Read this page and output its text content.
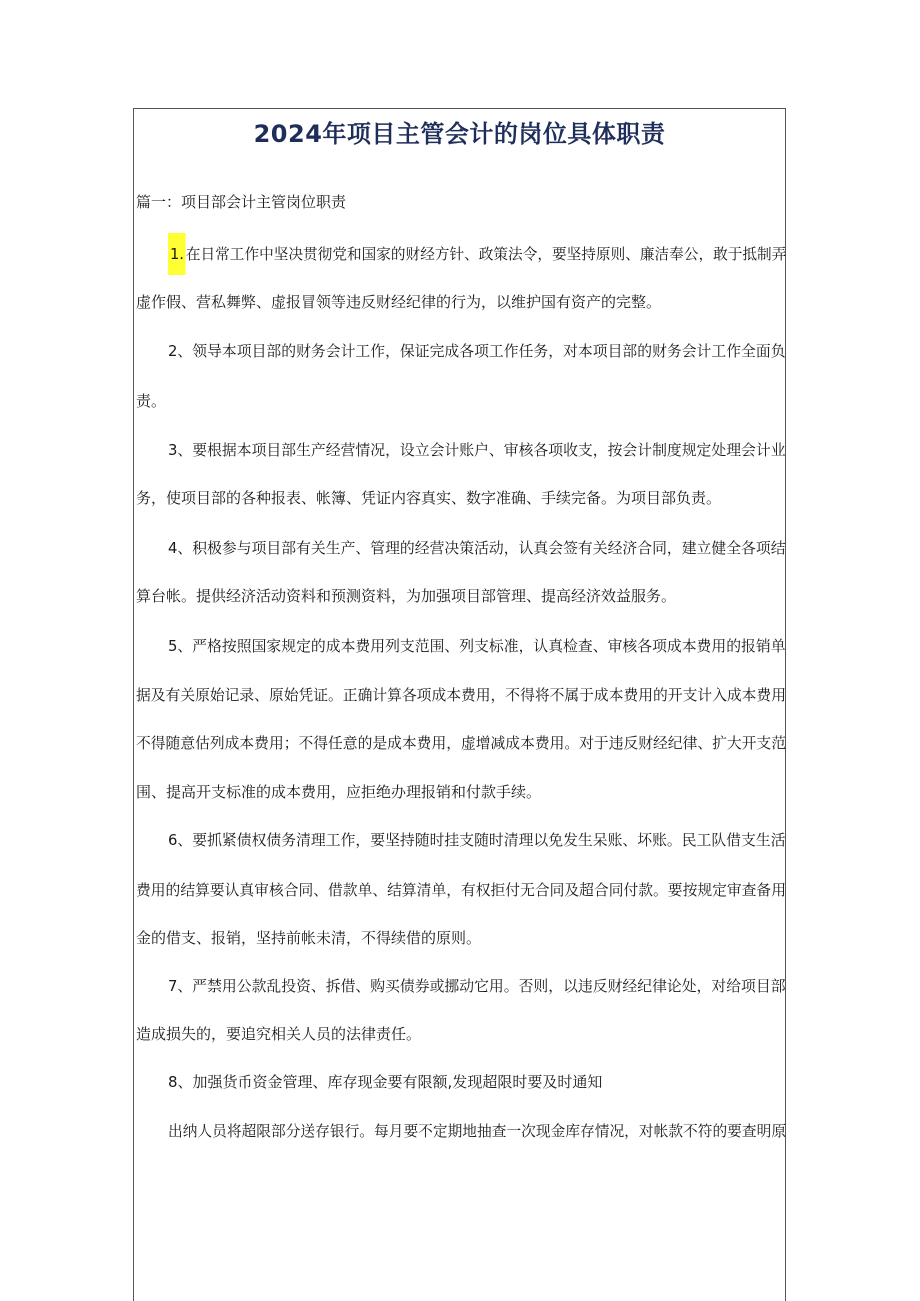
2024年项目主管会计的岗位具体职责
篇一：项目部会计主管岗位职责
1. 在日常工作中坚决贯彻党和国家的财经方针、政策法令，要坚持原则、廉洁奉公，敢于抵制弄
虚作假、营私舞弊、虚报冒领等违反财经纪律的行为，以维护国有资产的完整。
2、领导本项目部的财务会计工作，保证完成各项工作任务，对本项目部的财务会计工作全面负
责。
3、要根据本项目部生产经营情况，设立会计账户、审核各项收支，按会计制度规定处理会计业
务，使项目部的各种报表、帐簿、凭证内容真实、数字准确、手续完备。为项目部负责。
4、积极参与项目部有关生产、管理的经营决策活动，认真会签有关经济合同，建立健全各项结
算台帐。提供经济活动资料和预测资料，为加强项目部管理、提高经济效益服务。
5、严格按照国家规定的成本费用列支范围、列支标准，认真检查、审核各项成本费用的报销单
据及有关原始记录、原始凭证。正确计算各项成本费用，不得将不属于成本费用的开支计入成本费用
不得随意估列成本费用；不得任意的是成本费用，虚增减成本费用。对于违反财经纪律、扩大开支范
围、提高开支标准的成本费用，应拒绝办理报销和付款手续。
6、要抓紧债权债务清理工作，要坚持随时挂支随时清理以免发生呆账、坏账。民工队借支生活
费用的结算要认真审核合同、借款单、结算清单，有权拒付无合同及超合同付款。要按规定审查备用
金的借支、报销，坚持前帐未清，不得续借的原则。
7、严禁用公款乱投资、拆借、购买债券或挪动它用。否则，以违反财经纪律论处，对给项目部
造成损失的，要追究相关人员的法律责任。
8、加强货币资金管理、库存现金要有限额,发现超限时要及时通知
出纳人员将超限部分送存银行。每月要不定期地抽查一次现金库存情况，对帐款不符的要查明原
